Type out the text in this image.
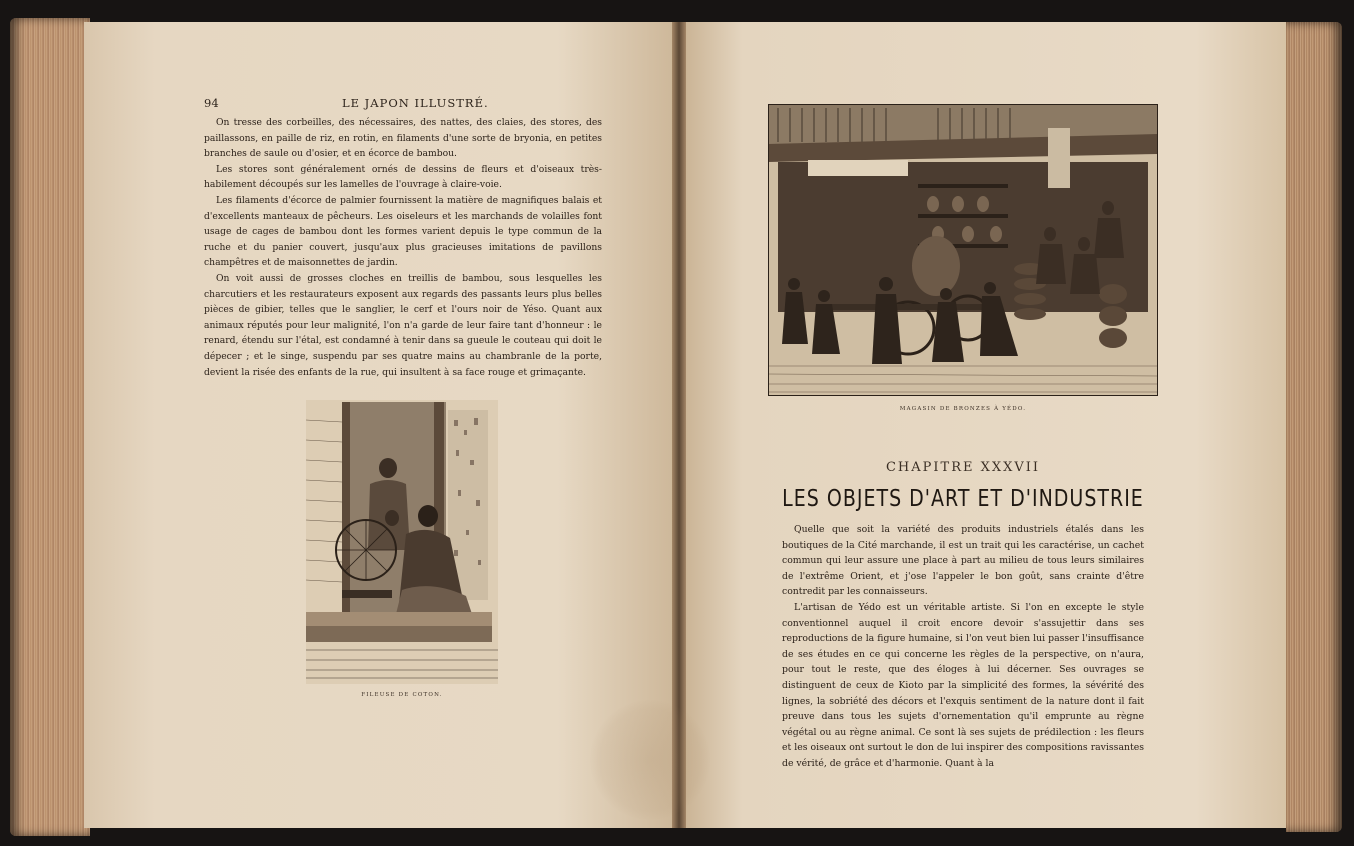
94	LE JAPON ILLUSTRÉ.

On tresse des corbeilles, des nécessaires, des nattes, des claies, des stores, des paillassons, en paille de riz, en rotin, en filaments d'une sorte de bryonia, en petites branches de saule ou d'osier, et en écorce de bambou.

Les stores sont généralement ornés de dessins de fleurs et d'oiseaux très-habilement découpés sur les lamelles de l'ouvrage à claire-voie.

Les filaments d'écorce de palmier fournissent la matière de magnifiques balais et d'excellents manteaux de pêcheurs. Les oiseleurs et les marchands de volailles font usage de cages de bambou dont les formes varient depuis le type commun de la ruche et du panier couvert, jusqu'aux plus gracieuses imitations de pavillons champêtres et de maisonnettes de jardin.

On voit aussi de grosses cloches en treillis de bambou, sous lesquelles les charcutiers et les restaurateurs exposent aux regards des passants leurs plus belles pièces de gibier, telles que le sanglier, le cerf et l'ours noir de Yéso. Quant aux animaux réputés pour leur malignité, l'on n'a garde de leur faire tant d'honneur : le renard, étendu sur l'étal, est condamné à tenir dans sa gueule le couteau qui doit le dépecer ; et le singe, suspendu par ses quatre mains au chambranle de la porte, devient la risée des enfants de la rue, qui insultent à sa face rouge et grimaçante.

FILEUSE DE COTON.
MAGASIN DE BRONZES À YÉDO.
CHAPITRE XXXVII
LES OBJETS D'ART ET D'INDUSTRIE

Quelle que soit la variété des produits industriels étalés dans les boutiques de la Cité marchande, il est un trait qui les caractérise, un cachet commun qui leur assure une place à part au milieu de tous leurs similaires de l'extrême Orient, et j'ose l'appeler le bon goût, sans crainte d'être contredit par les connaisseurs.

L'artisan de Yédo est un véritable artiste. Si l'on en excepte le style conventionnel auquel il croit encore devoir s'assujettir dans ses reproductions de la figure humaine, si l'on veut bien lui passer l'insuffisance de ses études en ce qui concerne les règles de la perspective, on n'aura, pour tout le reste, que des éloges à lui décerner. Ses ouvrages se distinguent de ceux de Kioto par la simplicité des formes, la sévérité des lignes, la sobriété des décors et l'exquis sentiment de la nature dont il fait preuve dans tous les sujets d'ornementation qu'il emprunte au règne végétal ou au règne animal. Ce sont là ses sujets de prédilection : les fleurs et les oiseaux ont surtout le don de lui inspirer des compositions ravissantes de vérité, de grâce et d'harmonie. Quant à la
